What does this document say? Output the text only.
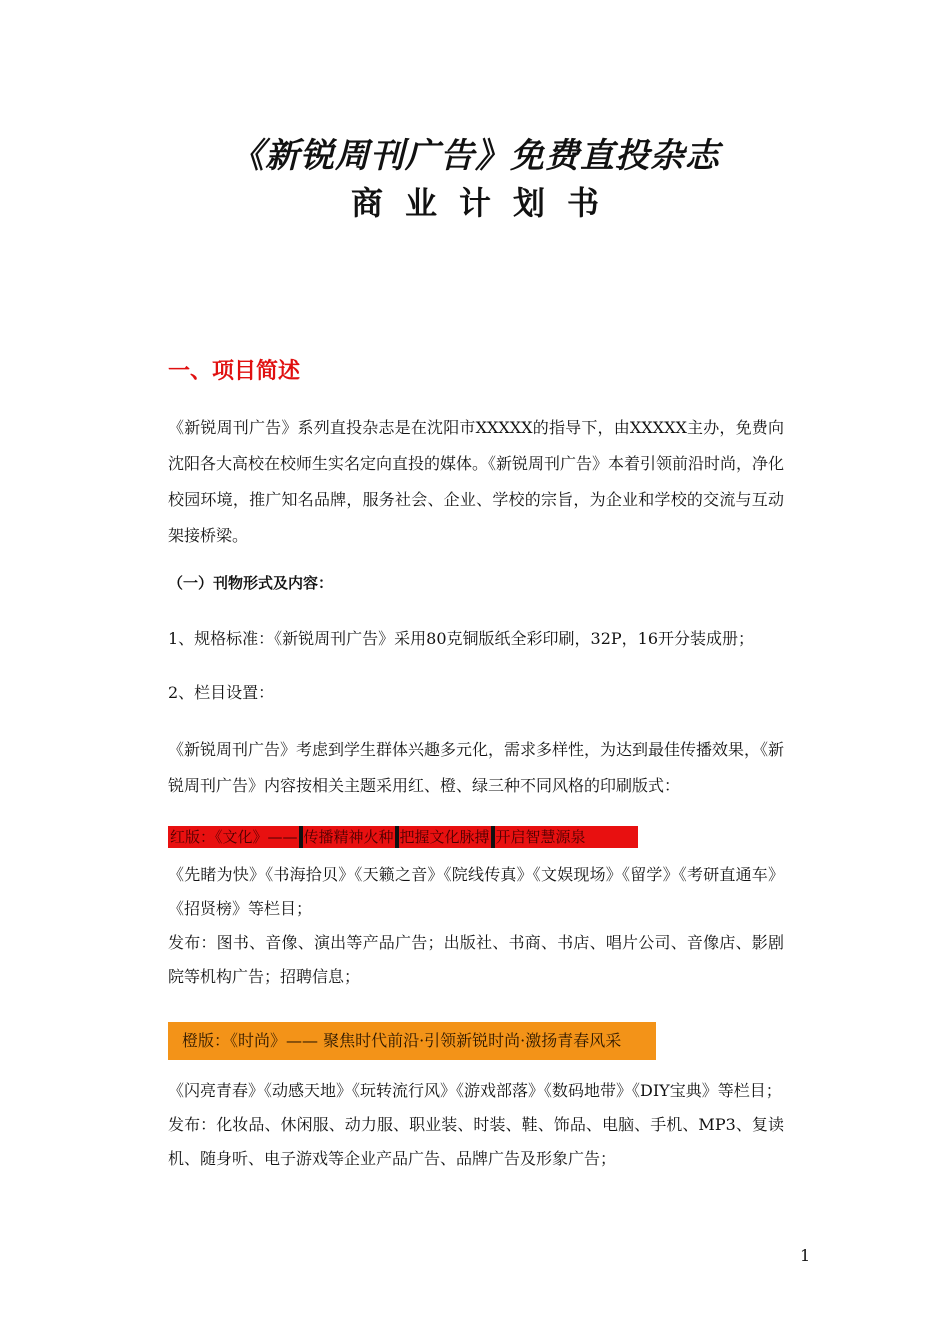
《新锐周刊广告》免费直投杂志
商业计划书
一、项目简述
《新锐周刊广告》系列直投杂志是在沈阳市XXXXX的指导下，由XXXXX主办，免费向沈阳各大高校在校师生实名定向直投的媒体。《新锐周刊广告》本着引领前沿时尚，净化校园环境，推广知名品牌，服务社会、企业、学校的宗旨，为企业和学校的交流与互动架接桥梁。
（一）刊物形式及内容：
1、规格标准：《新锐周刊广告》采用80克铜版纸全彩印刷，32P，16开分装成册；
2、栏目设置：
《新锐周刊广告》考虑到学生群体兴趣多元化，需求多样性，为达到最佳传播效果，《新锐周刊广告》内容按相关主题采用红、橙、绿三种不同风格的印刷版式：
红版：《文化》—— 传播精神火种 把握文化脉搏 开启智慧源泉
《先睹为快》《书海拾贝》《天籁之音》《院线传真》《文娱现场》《留学》《考研直通车》《招贤榜》等栏目；
发布：图书、音像、演出等产品广告；出版社、书商、书店、唱片公司、音像店、影剧院等机构广告；招聘信息；
橙版：《时尚》—— 聚焦时代前沿·引领新锐时尚·激扬青春风采
《闪亮青春》《动感天地》《玩转流行风》《游戏部落》《数码地带》《DIY宝典》等栏目；
发布：化妆品、休闲服、动力服、职业装、时装、鞋、饰品、电脑、手机、MP3、复读机、随身听、电子游戏等企业产品广告、品牌广告及形象广告；
1
